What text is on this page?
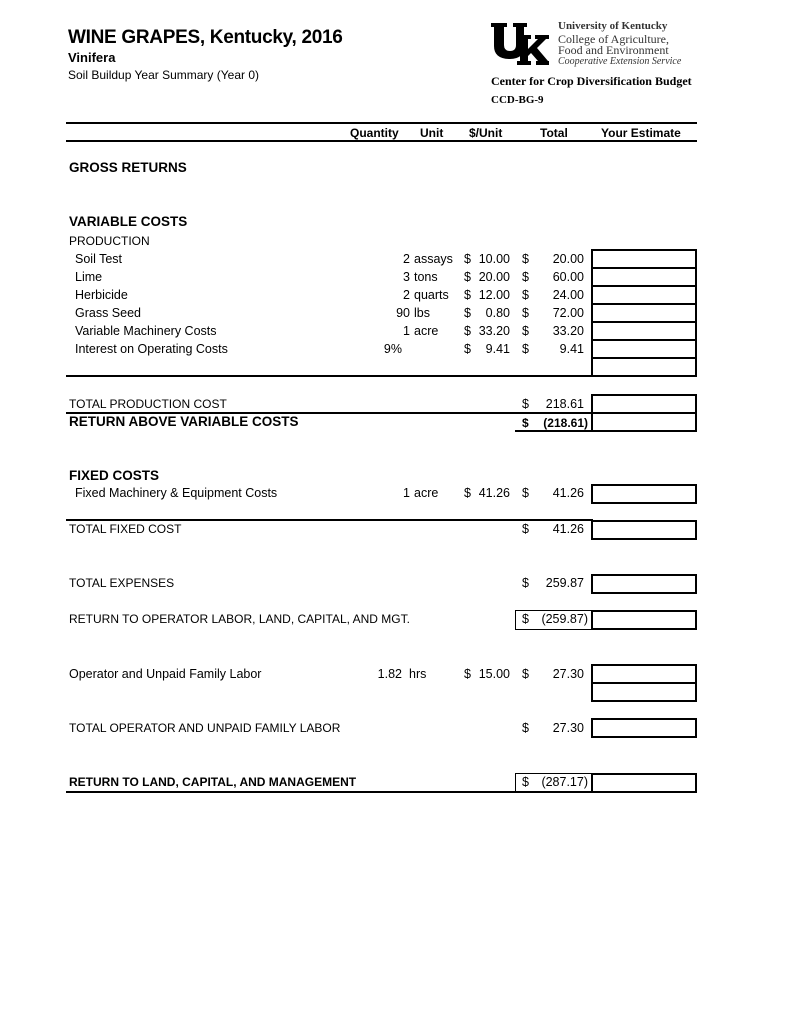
WINE GRAPES, Kentucky, 2016
Vinifera
Soil Buildup Year Summary (Year 0)
University of Kentucky
College of Agriculture,
Food and Environment
Cooperative Extension Service
Center for Crop Diversification Budget
CCD-BG-9
Quantity Unit $/Unit	Total	Your Estimate
GROSS RETURNS
VARIABLE COSTS
PRODUCTION
Soil Test	2 assays $ 10.00 $	20.00
Lime	3 tons $ 20.00 $	60.00
Herbicide	2 quarts $ 12.00 $	24.00
Grass Seed	90 lbs	$	0.80 $	72.00
Variable Machinery Costs	1 acre $ 33.20 $	33.20
Interest on Operating Costs	9%	$	9.41 $	9.41
TOTAL PRODUCTION COST	$	218.61
RETURN ABOVE VARIABLE COSTS	$	(218.61)
FIXED COSTS
Fixed Machinery & Equipment Costs	1 acre $ 41.26 $	41.26
TOTAL FIXED COST	$	41.26
TOTAL EXPENSES	$	259.87
RETURN TO OPERATOR LABOR, LAND, CAPITAL, AND MGT.	$ (259.87)
Operator and Unpaid Family Labor	1.82 hrs	$ 15.00 $	27.30
TOTAL OPERATOR AND UNPAID FAMILY LABOR	$	27.30
RETURN TO LAND, CAPITAL, AND MANAGEMENT	$ (287.17)
